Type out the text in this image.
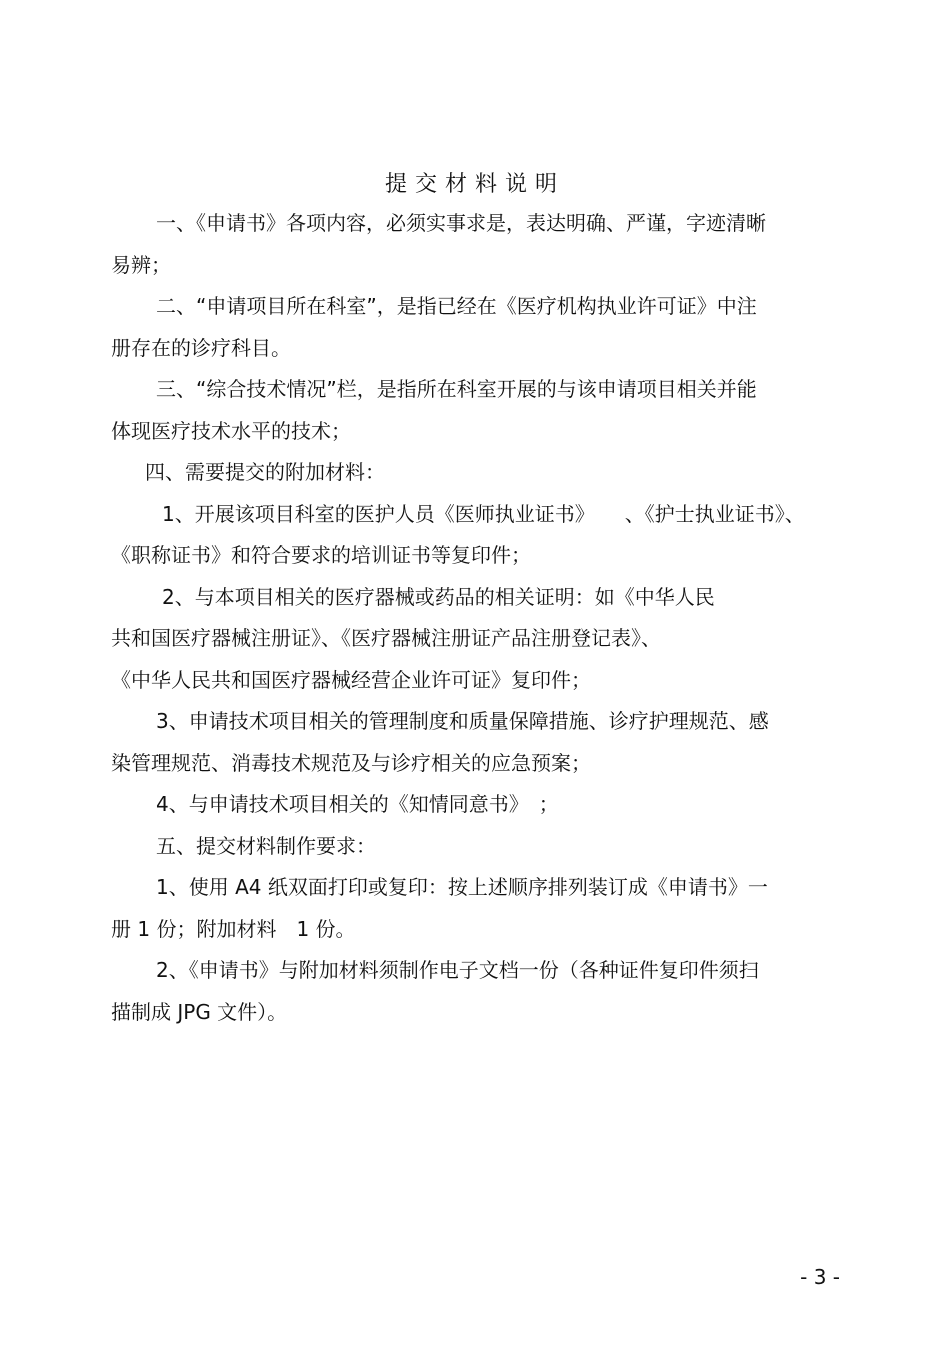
提交材料说明
一、《申请书》各项内容，必须实事求是，表达明确、严谨，字迹清晰
易辨；
二、“申请项目所在科室”，是指已经在《医疗机构执业许可证》中注
册存在的诊疗科目。
三、“综合技术情况”栏，是指所在科室开展的与该申请项目相关并能
体现医疗技术水平的技术；
四、需要提交的附加材料：
1、开展该项目科室的医护人员《医师执业证书》　　、《护士执业证书》、
《职称证书》和符合要求的培训证书等复印件；
2、与本项目相关的医疗器械或药品的相关证明：如《中华人民
共和国医疗器械注册证》、《医疗器械注册证产品注册登记表》、
《中华人民共和国医疗器械经营企业许可证》复印件；
3、申请技术项目相关的管理制度和质量保障措施、诊疗护理规范、感
染管理规范、消毒技术规范及与诊疗相关的应急预案；
4、与申请技术项目相关的《知情同意书》　；
五、提交材料制作要求：
1、使用 A4 纸双面打印或复印：按上述顺序排列装订成《申请书》一
册 1 份；附加材料　1 份。
2、《申请书》与附加材料须制作电子文档一份（各种证件复印件须扫
描制成 JPG 文件）。
- 3 -
